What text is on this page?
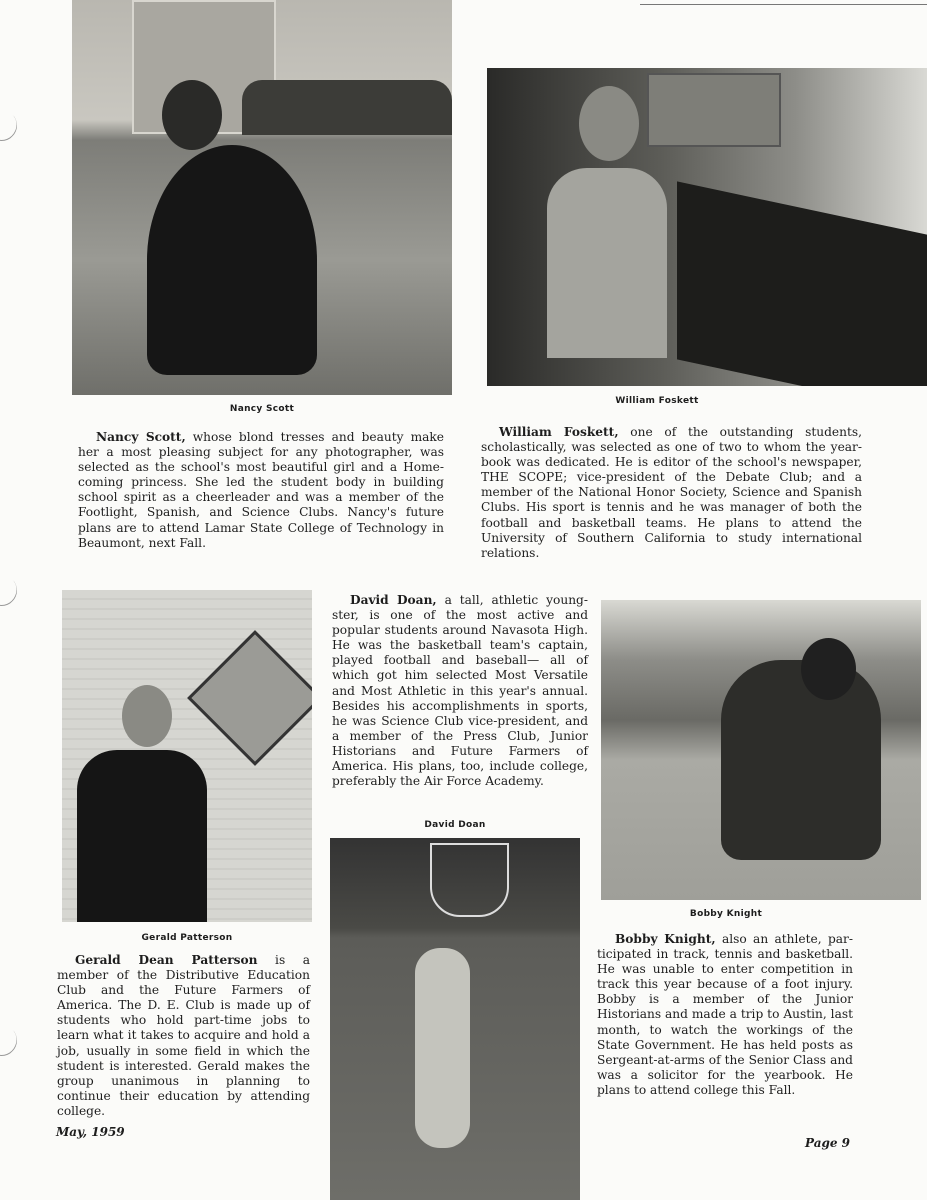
Nancy Scott
Nancy Scott, whose blond tresses and beauty make her a most pleasing subject for any photographer, was selected as the school's most beautiful girl and a Homecoming princess. She led the student body in building school spirit as a cheerleader and was a member of the Footlight, Spanish, and Science Clubs. Nancy's future plans are to attend Lamar State College of Technology in Beaumont, next Fall.
William Foskett
William Foskett, one of the outstanding students, scholastically, was selected as one of two to whom the yearbook was dedicated. He is editor of the school's newspaper, THE SCOPE; vice-president of the Debate Club; and a member of the National Honor Society, Science and Spanish Clubs. His sport is tennis and he was manager of both the football and basketball teams. He plans to attend the University of Southern California to study international relations.
Gerald Patterson
Gerald Dean Patterson is a member of the Distributive Education Club and the Future Farmers of America. The D. E. Club is made up of students who hold part-time jobs to learn what it takes to acquire and hold a job, usually in some field in which the student is interested. Gerald makes the group unanimous in planning to continue their education by attending college.
David Doan, a tall, athletic youngster, is one of the most active and popular students around Navasota High. He was the basketball team's captain, played football and baseball— all of which got him selected Most Versatile and Most Athletic in this year's annual. Besides his accomplishments in sports, he was Science Club vice-president, and a member of the Press Club, Junior Historians and Future Farmers of America. His plans, too, include college, preferably the Air Force Academy.
David Doan
Bobby Knight
Bobby Knight, also an athlete, participated in track, tennis and basketball. He was unable to enter competition in track this year because of a foot injury. Bobby is a member of the Junior Historians and made a trip to Austin, last month, to watch the workings of the State Government. He has held posts as Sergeant-at-arms of the Senior Class and was a solicitor for the yearbook. He plans to attend college this Fall.
May, 1959
Page 9
